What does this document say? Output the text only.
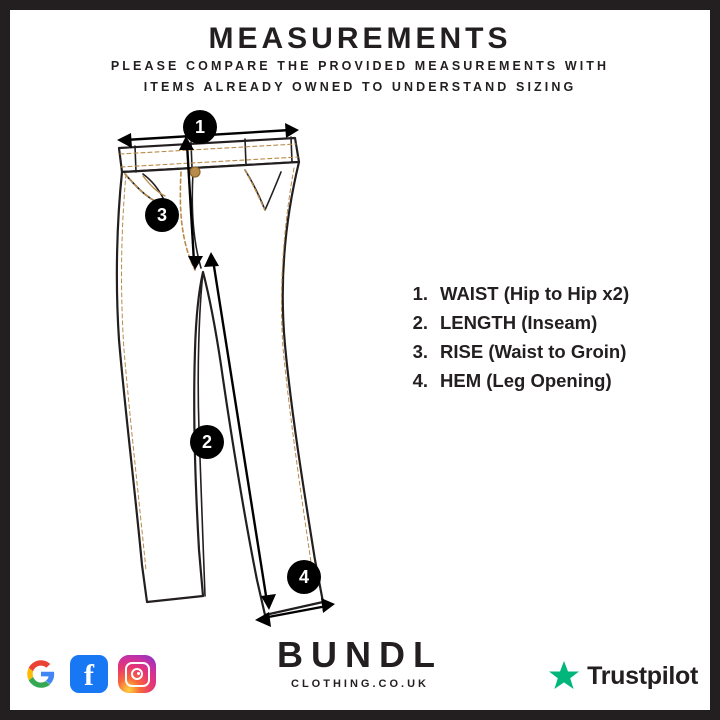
MEASUREMENTS
PLEASE COMPARE THE PROVIDED MEASUREMENTS WITH
ITEMS ALREADY OWNED TO UNDERSTAND SIZING
1
2
3
4
1. WAIST (Hip to Hip x2)
2. LENGTH (Inseam)
3. RISE (Waist to Groin)
4. HEM (Leg Opening)
BUNDL
CLOTHING.CO.UK
f	Trustpilot
